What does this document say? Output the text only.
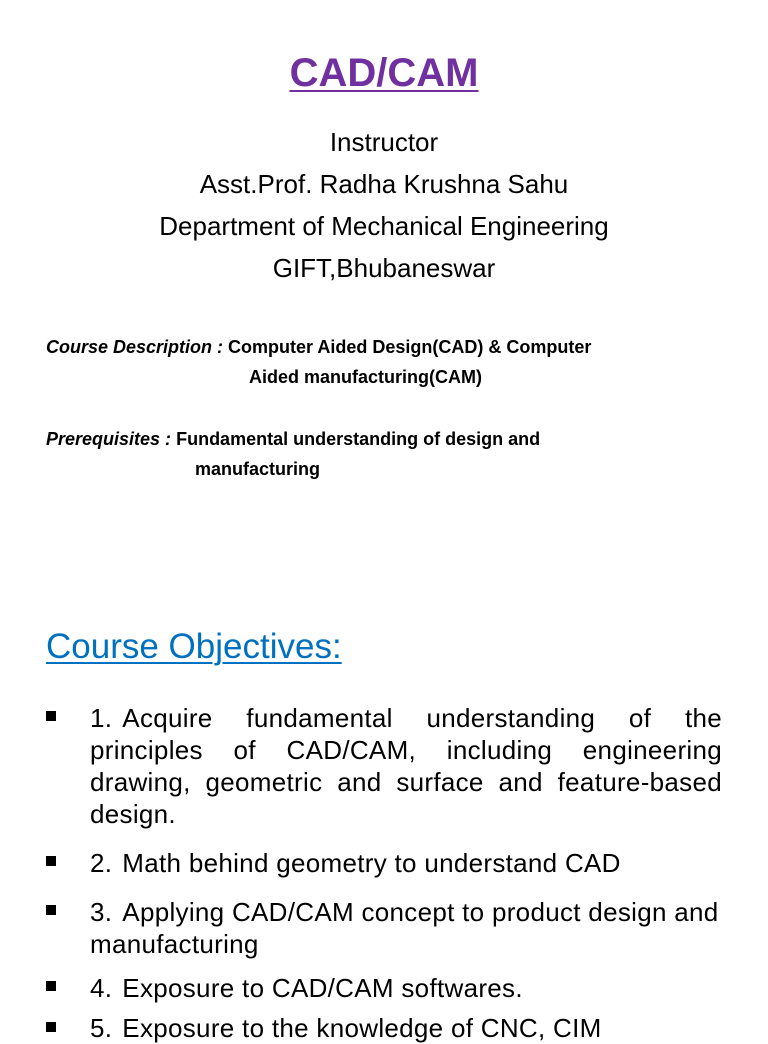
CAD/CAM
Instructor
Asst.Prof. Radha Krushna Sahu
Department of Mechanical Engineering
GIFT,Bhubaneswar
Course Description : Computer Aided Design(CAD) & Computer
Aided manufacturing(CAM)
Prerequisites : Fundamental understanding of design and
manufacturing
Course Objectives:
1. Acquire fundamental understanding of the principles of CAD/CAM, including engineering drawing, geometric and surface and feature-based design.
2. Math behind geometry to understand CAD
3. Applying CAD/CAM concept to product design and manufacturing
4. Exposure to CAD/CAM softwares.
5. Exposure to the knowledge of CNC, CIM
